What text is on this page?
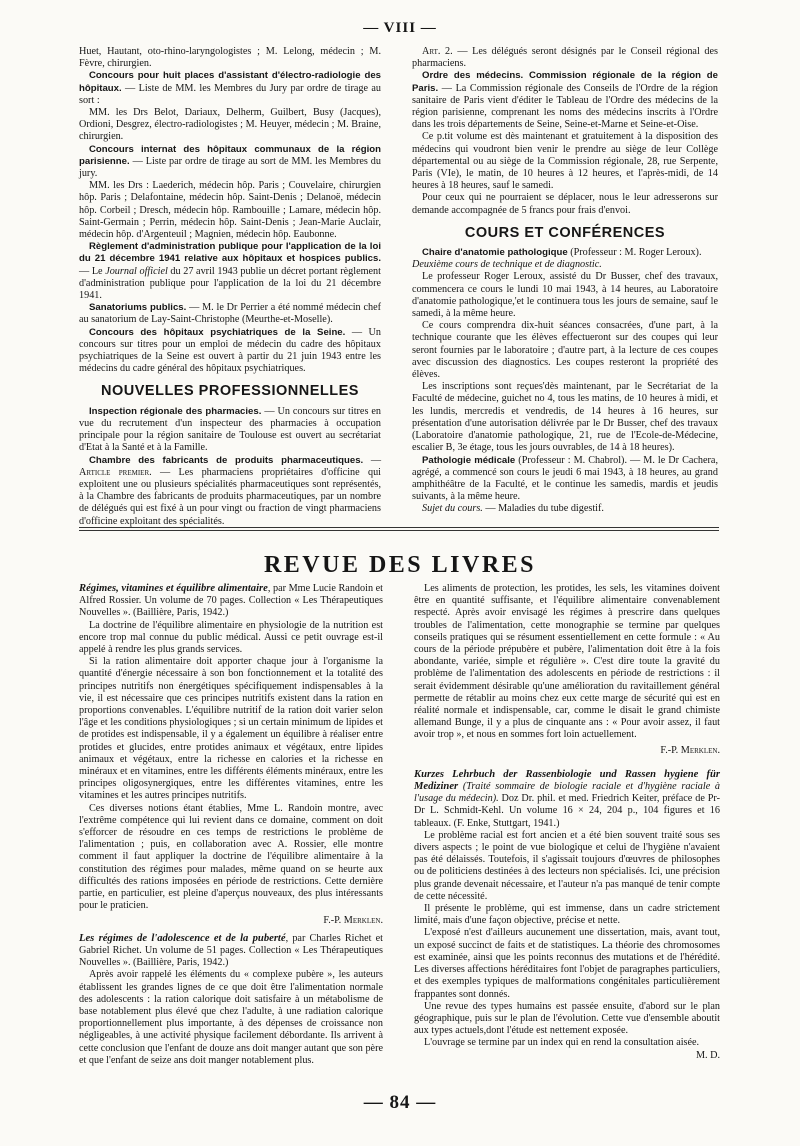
— VIII —

Huet, Hautant, oto-rhino-laryngologistes ; M. Lelong, médecin ; M. Fèvre, chirurgien.

Concours pour huit places d'assistant d'électro-radiologie des hôpitaux. — Liste de MM. les Membres du Jury par ordre de tirage au sort :

MM. les Drs Belot, Dariaux, Delherm, Guilbert, Busy (Jacques), Ordioni, Desgrez, électro-radiologistes ; M. Heuyer, médecin ; M. Braine, chirurgien.

Concours internat des hôpitaux communaux de la région parisienne. — Liste par ordre de tirage au sort de MM. les Membres du jury.

MM. les Drs : Laederich, médecin hôp. Paris ; Couvelaire, chirurgien hôp. Paris ; Delafontaine, médecin hôp. Saint-Denis ; Delanoë, médecin hôp. Corbeil ; Dresch, médecin hôp. Rambouille ; Lamare, médecin hôp. Saint-Germain ; Perrin, médecin hôp. Saint-Denis ; Jean-Marie Auclair, médecin hôp. d'Argenteuil ; Magnien, médecin hôp. Eaubonne.

Règlement d'administration publique pour l'application de la loi du 21 décembre 1941 relative aux hôpitaux et hospices publics. — Le Journal officiel du 27 avril 1943 publie un décret portant règlement d'administration publique pour l'application de la loi du 21 décembre 1941.

Sanatoriums publics. — M. le Dr Perrier a été nommé médecin chef au sanatorium de Lay-Saint-Christophe (Meurthe-et-Moselle).

Concours des hôpitaux psychiatriques de la Seine. — Un concours sur titres pour un emploi de médecin du cadre des hôpitaux psychiatriques de la Seine est ouvert à partir du 21 juin 1943 entre les médecins du cadre général des hôpitaux psychiatriques.

NOUVELLES PROFESSIONNELLES

Inspection régionale des pharmacies. — Un concours sur titres en vue du recrutement d'un inspecteur des pharmacies à occupation principale pour la région sanitaire de Toulouse est ouvert au secrétariat d'Etat à la Santé et à la Famille.

Chambre des fabricants de produits pharmaceutiques. — Article premier. — Les pharmaciens propriétaires d'officine qui exploitent une ou plusieurs spécialités pharmaceutiques sont représentés, à la Chambre des fabricants de produits pharmaceutiques, par un nombre de délégués qui est fixé à un pour vingt ou fraction de vingt pharmaciens d'officine exploitant des spécialités.

Art. 2. — Les délégués seront désignés par le Conseil régional des pharmaciens.

Ordre des médecins. Commission régionale de la région de Paris. — La Commission régionale des Conseils de l'Ordre de la région sanitaire de Paris vient d'éditer le Tableau de l'Ordre des médecins de la région parisienne, comprenant les noms des médecins inscrits à l'Ordre dans les trois départements de Seine, Seine-et-Marne et Seine-et-Oise.

Ce p.tit volume est dès maintenant et gratuitement à la disposition des médecins qui voudront bien venir le prendre au siège de leur Collège départemental ou au siège de la Commission régionale, 28, rue Serpente, Paris (VIe), le matin, de 10 heures à 12 heures, et l'après-midi, de 14 heures à 18 heures, sauf le samedi.

Pour ceux qui ne pourraient se déplacer, nous le leur adresserons sur demande accompagnée de 5 francs pour frais d'envoi.

COURS ET CONFÉRENCES

Chaire d'anatomie pathologique (Professeur : M. Roger Leroux).

Deuxième cours de technique et de diagnostic.

Le professeur Roger Leroux, assisté du Dr Busser, chef des travaux, commencera ce cours le lundi 10 mai 1943, à 14 heures, au Laboratoire d'anatomie pathologique,'et le continuera tous les jours de semaine, sauf le samedi, à la même heure.

Ce cours comprendra dix-huit séances consacrées, d'une part, à la technique courante que les élèves effectueront sur des coupes qui leur seront fournies par le laboratoire ; d'autre part, à la lecture de ces coupes avec discussion des diagnostics. Les coupes resteront la propriété des élèves.

Les inscriptions sont reçues'dès maintenant, par le Secrétariat de la Faculté de médecine, guichet no 4, tous les matins, de 10 heures à midi, et les lundis, mercredis et vendredis, de 14 heures à 16 heures, sur présentation d'une autorisation délivrée par le Dr Busser, chef des travaux (Laboratoire d'anatomie pathologique, 21, rue de l'Ecole-de-Médecine, escalier B, 3e étage, tous les jours ouvrables, de 14 à 18 heures).

Pathologie médicale (Professeur : M. Chabrol). — M. le Dr Cachera, agrégé, a commencé son cours le jeudi 6 mai 1943, à 18 heures, au grand amphithéâtre de la Faculté, et le continue les samedis, mardis et jeudis suivants, à la même heure.

Sujet du cours. — Maladies du tube digestif.

REVUE DES LIVRES

Régimes, vitamines et équilibre alimentaire, par Mme Lucie Randoin et Alfred Rossier. Un volume de 70 pages. Collection « Les Thérapeutiques Nouvelles ». (Baillière, Paris, 1942.)

La doctrine de l'équilibre alimentaire en physiologie de la nutrition est encore trop mal connue du public médical. Aussi ce petit ouvrage est-il appelé à rendre les plus grands services.

Si la ration alimentaire doit apporter chaque jour à l'organisme la quantité d'énergie nécessaire à son bon fonctionnement et la totalité des principes nutritifs non énergétiques spécifiquement indispensables à la vie, il est nécessaire que ces principes nutritifs existent dans la ration en proportions convenables. L'équilibre nutritif de la ration doit varier selon l'âge et les conditions physiologiques ; si un certain minimum de lipides et de protides est indispensable, il y a également un équilibre à réaliser entre protides et glucides, entre protides animaux et végétaux, entre lipides animaux et végétaux, entre la richesse en calories et la richesse en minéraux et en vitamines, entre les différents éléments minéraux, entre les principes oligosynergiques, entre les différentes vitamines, entre les vitamines et les autres principes nutritifs.

Ces diverses notions étant établies, Mme L. Randoin montre, avec l'extrême compétence qui lui revient dans ce domaine, comment on doit s'efforcer de résoudre en ces temps de restrictions le problème de l'alimentation ; puis, en collaboration avec A. Rossier, elle montre comment il faut appliquer la doctrine de l'équilibre alimentaire à la constitution des régimes pour malades, même quand on se heurte aux difficultés des rations imposées en période de restrictions. Cette dernière partie, en particulier, est pleine d'aperçus nouveaux, des plus intéressants pour le praticien.

F.-P. Merklen.

Les régimes de l'adolescence et de la puberté, par Charles Richet et Gabriel Richet. Un volume de 51 pages. Collection « Les Thérapeutiques Nouvelles ». (Baillière, Paris, 1942.)

Après avoir rappelé les éléments du « complexe pubère », les auteurs établissent les grandes lignes de ce que doit être l'alimentation normale des adolescents : la ration calorique doit satisfaire à un métabolisme de base notablement plus élevé que chez l'adulte, à une radiation calorique proportionnellement plus importante, à des dépenses de croissance non négligeables, à une activité physique facilement débordante. Ils arrivent à cette conclusion que l'enfant de douze ans doit manger autant que son père et que l'enfant de seize ans doit manger notablement plus.

Les aliments de protection, les protides, les sels, les vitamines doivent être en quantité suffisante, et l'équilibre alimentaire convenablement respecté. Après avoir envisagé les régimes à prescrire dans quelques troubles de l'alimentation, cette monographie se termine par quelques conseils pratiques qui se résument essentiellement en cette formule : « Au cours de la période prépubère et pubère, l'alimentation doit être à la fois abondante, variée, simple et régulière ». C'est dire toute la gravité du problème de l'alimentation des adolescents en période de restrictions : il serait évidemment désirable qu'une amélioration du ravitaillement général permette de rétablir au moins chez eux cette marge de sécurité qui est en réalité normale et indispensable, car, comme le disait le grand chimiste allemand Bunge, il y a plus de cinquante ans : « Pour avoir assez, il faut avoir trop », et nous en sommes fort loin actuellement.

F.-P. Merklen.

Kurzes Lehrbuch der Rassenbiologie und Rassen hygiene für Mediziner (Traité sommaire de biologie raciale et d'hygiène raciale à l'usage du médecin). Doz Dr. phil. et med. Friedrich Keiter, préface de Pr-Dr L. Schmidt-Kehl. Un volume 16 × 24, 204 p., 104 figures et 16 tableaux. (F. Enke, Stuttgart, 1941.)

Le problème racial est fort ancien et a été bien souvent traité sous ses divers aspects ; le point de vue biologique et celui de l'hygiène n'avaient pas été délaissés. Toutefois, il s'agissait toujours d'œuvres de philosophes ou de politiciens destinées à des lecteurs non spécialisés. Ici, une précision plus grande devenait nécessaire, et l'auteur n'a pas manqué de tenir compte de cette nécessité.

Il présente le problème, qui est immense, dans un cadre strictement limité, mais d'une façon objective, précise et nette.

L'exposé n'est d'ailleurs aucunement une dissertation, mais, avant tout, un exposé succinct de faits et de statistiques. La théorie des chromosomes est examinée, ainsi que les points reconnus des mutations et de l'hérédité. Les diverses affections héréditaires font l'objet de paragraphes particuliers, et des exemples typiques de malformations congénitales particulièrement frappantes sont donnés.

Une revue des types humains est passée ensuite, d'abord sur le plan géographique, puis sur le plan de l'évolution. Cette vue d'ensemble aboutit aux types actuels,dont l'étude est nettement exposée.

L'ouvrage se termine par un index qui en rend la consultation aisée.

M. D.

— 84 —
